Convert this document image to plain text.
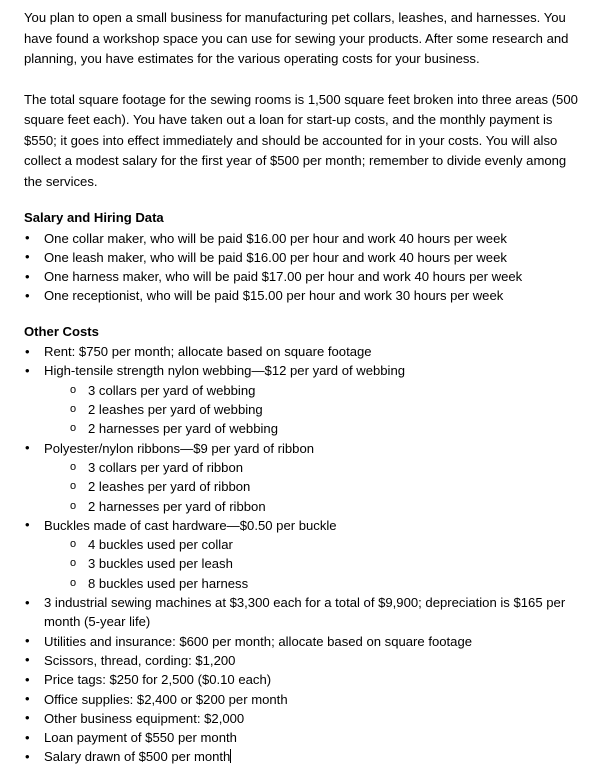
You plan to open a small business for manufacturing pet collars, leashes, and harnesses. You have found a workshop space you can use for sewing your products. After some research and planning, you have estimates for the various operating costs for your business.

The total square footage for the sewing rooms is 1,500 square feet broken into three areas (500 square feet each). You have taken out a loan for start-up costs, and the monthly payment is $550; it goes into effect immediately and should be accounted for in your costs. You will also collect a modest salary for the first year of $500 per month; remember to divide evenly among the services.

Salary and Hiring Data
• One collar maker, who will be paid $16.00 per hour and work 40 hours per week
• One leash maker, who will be paid $16.00 per hour and work 40 hours per week
• One harness maker, who will be paid $17.00 per hour and work 40 hours per week
• One receptionist, who will be paid $15.00 per hour and work 30 hours per week
Other Costs
• Rent: $750 per month; allocate based on square footage
• High-tensile strength nylon webbing—$12 per yard of webbing
o 3 collars per yard of webbing
o 2 leashes per yard of webbing
o 2 harnesses per yard of webbing
• Polyester/nylon ribbons—$9 per yard of ribbon
o 3 collars per yard of ribbon
o 2 leashes per yard of ribbon
o 2 harnesses per yard of ribbon
• Buckles made of cast hardware—$0.50 per buckle
o 4 buckles used per collar
o 3 buckles used per leash
o 8 buckles used per harness
• 3 industrial sewing machines at $3,300 each for a total of $9,900; depreciation is $165 per month (5-year life)
• Utilities and insurance: $600 per month; allocate based on square footage
• Scissors, thread, cording: $1,200
• Price tags: $250 for 2,500 ($0.10 each)
• Office supplies: $2,400 or $200 per month
• Other business equipment: $2,000
• Loan payment of $550 per month
• Salary drawn of $500 per month
